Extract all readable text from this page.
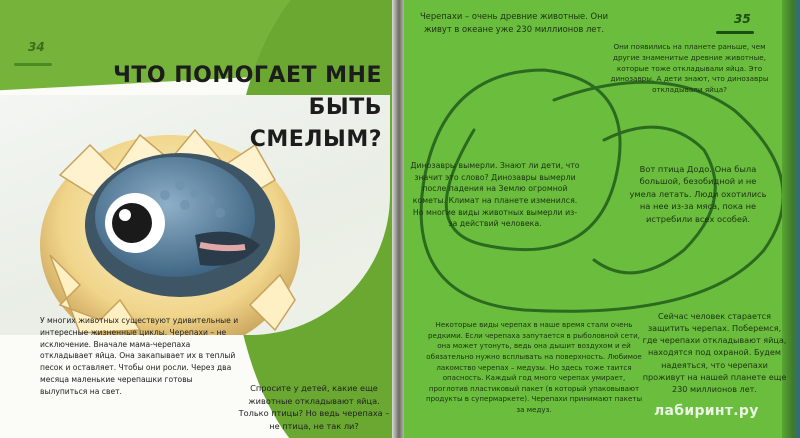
34
ЧТО ПОМОГАЕТ МНЕ БЫТЬ
СМЕЛЫМ?
У многих животных существуют удивительные и интересные жизненные циклы. Черепахи – не исключение. Вначале мама-черепаха откладывает яйца. Она закапывает их в теплый песок и оставляет. Чтобы они росли. Через два месяца маленькие черепашки готовы вылупиться на свет.	Спросите у детей, какие еще животные откладывают яйца. Только птицы? Но ведь черепаха – не птица, не так ли?
35
Черепахи – очень древние животные. Они живут в океане уже 230 миллионов лет.
Они появились на планете раньше, чем другие знаменитые древние животные, которые тоже откладывали яйца. Это динозавры. А дети знают, что динозавры откладывали яйца?
Динозавры вымерли. Знают ли дети, что значит это слово? Динозавры вымерли после падения на Землю огромной кометы. Климат на планете изменился. Но многие виды животных вымерли из-за действий человека.
Вот птица Додо. Она была большой, безобидной и не умела летать. Люди охотились на нее из-за мяса, пока не истребили всех особей.
Некоторые виды черепах в наше время стали очень редкими. Если черепаха запутается в рыболовной сети, она может утонуть, ведь она дышит воздухом и ей обязательно нужно всплывать на поверхность. Любимое лакомство черепах – медузы. Но здесь тоже таится опасность. Каждый год много черепах умирает, проглотив пластиковый пакет (в который упаковывают продукты в супермаркете). Черепахи принимают пакеты за медуз.
Сейчас человек старается защитить черепах. Поберемся, где черепахи откладывают яйца, находятся под охраной. Будем надеяться, что черепахи проживут на нашей планете еще 230 миллионов лет.
лабиринт.ру
